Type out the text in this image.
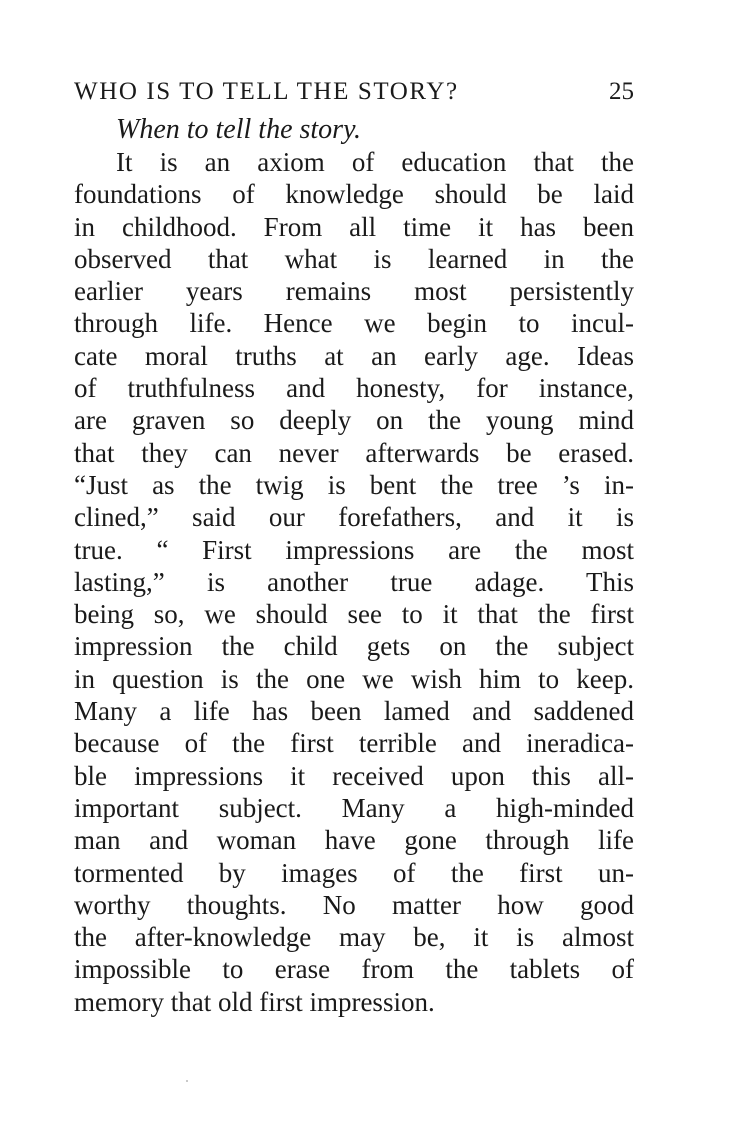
WHO IS TO TELL THE STORY?	25
When to tell the story.

It is an axiom of education that the
foundations of knowledge should be laid
in childhood. From all time it has been
observed that what is learned in the
earlier years remains most persistently
through life. Hence we begin to incul-
cate moral truths at an early age. Ideas
of truthfulness and honesty, for instance,
are graven so deeply on the young mind
that they can never afterwards be erased.
“Just as the twig is bent the tree ’s in-
clined,” said our forefathers, and it is
true. “ First impressions are the most
lasting,” is another true adage. This
being so, we should see to it that the first
impression the child gets on the subject
in question is the one we wish him to keep.
Many a life has been lamed and saddened
because of the first terrible and ineradica-
ble impressions it received upon this all-
important subject. Many a high-minded
man and woman have gone through life
tormented by images of the first un-
worthy thoughts. No matter how good
the after-knowledge may be, it is almost
impossible to erase from the tablets of
memory that old first impression.
